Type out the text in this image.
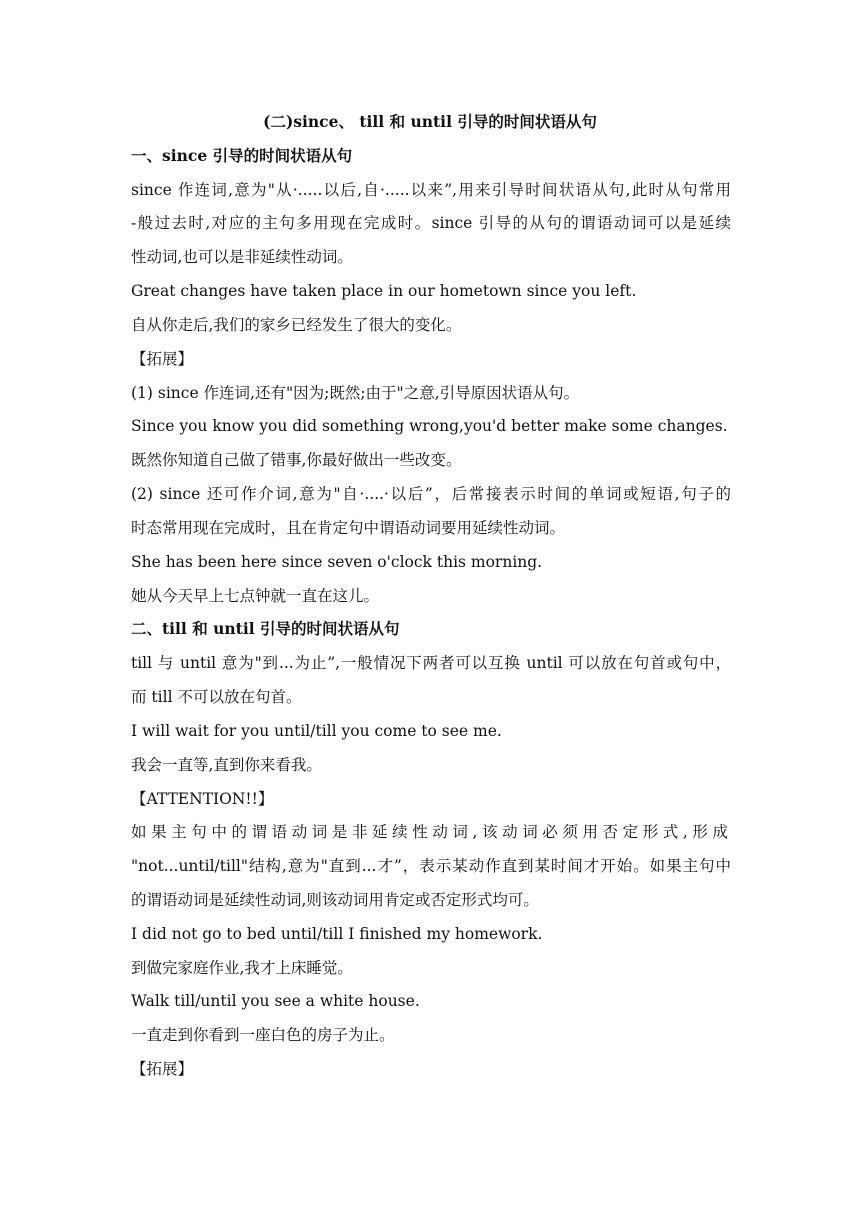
(二)since、 till 和 until 引导的时间状语从句
一、since 引导的时间状语从句
since 作连词,意为"从·.....以后,自·.....以来”,用来引导时间状语从句,此时从句常用
-般过去时,对应的主句多用现在完成时。since 引导的从句的谓语动词可以是延续
性动词,也可以是非延续性动词。
Great changes have taken place in our hometown since you left.
自从你走后,我们的家乡已经发生了很大的变化。
【拓展】
(1) since 作连词,还有"因为;既然;由于"之意,引导原因状语从句。
Since you know you did something wrong,you'd better make some changes.
既然你知道自己做了错事,你最好做出一些改变。
(2) since 还可作介词,意为"自·....·以后”，后常接表示时间的单词或短语,句子的
时态常用现在完成时，且在肯定句中谓语动词要用延续性动词。
She has been here since seven o'clock this morning.
她从今天早上七点钟就一直在这儿。
二、till 和 until 引导的时间状语从句
till 与 until 意为"到...为止”,一般情况下两者可以互换 until 可以放在句首或句中，
而 till 不可以放在句首。
I will wait for you until/till you come to see me.
我会一直等,直到你来看我。
【ATTENTION!!】
如果主句中的谓语动词是非延续性动词,该动词必须用否定形式,形成
"not...until/till"结构,意为"直到...才”，表示某动作直到某时间才开始。如果主句中
的谓语动词是延续性动词,则该动词用肯定或否定形式均可。
I did not go to bed until/till I finished my homework.
到做完家庭作业,我才上床睡觉。
Walk till/until you see a white house.
一直走到你看到一座白色的房子为止。
【拓展】
